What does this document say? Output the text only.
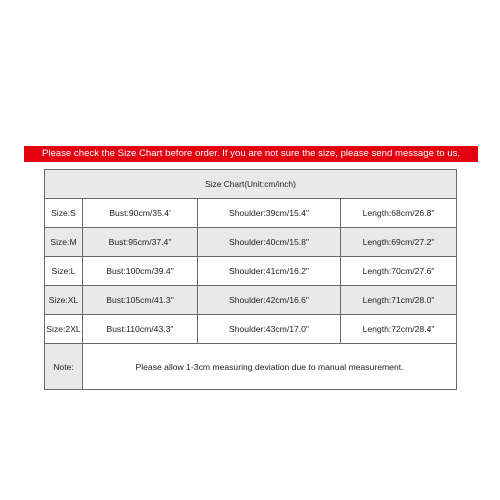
Please check the Size Chart before order. If you are not sure the size, please send message to us.
Size Chart(Unit:cm/inch)			
Size:S	Bust:90cm/35.4'	Shoulder:39cm/15.4"	Length:68cm/26.8"
Size:M	Bust:95cm/37.4"	Shoulder:40cm/15.8"	Length:69cm/27.2"
Size:L	Bust:100cm/39.4"	Shoulder:41cm/16.2"	Length:70cm/27.6"
Size:XL	Bust:105cm/41.3"	Shoulder:42cm/16.6"	Length:71cm/28.0"
Size:2XL	Bust:110cm/43.3"	Shoulder:43cm/17.0"	Length:72cm/28.4"
Note:	Please allow 1-3cm measuring deviation due to manual measurement.		
